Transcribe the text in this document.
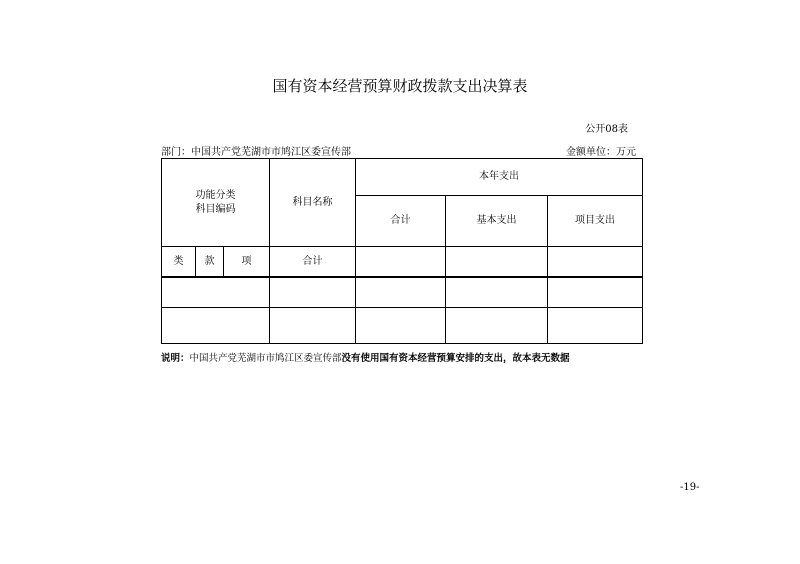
国有资本经营预算财政拨款支出决算表
公开08表
部门：中国共产党芜湖市市鸠江区委宣传部	金额单位：万元
功能分类
科目编码			科目名称	本年支出		
				合计	基本支出	项目支出
类	款	项	合计			

说明：中国共产党芜湖市市鸠江区委宣传部没有使用国有资本经营预算安排的支出，故本表无数据
-19-
